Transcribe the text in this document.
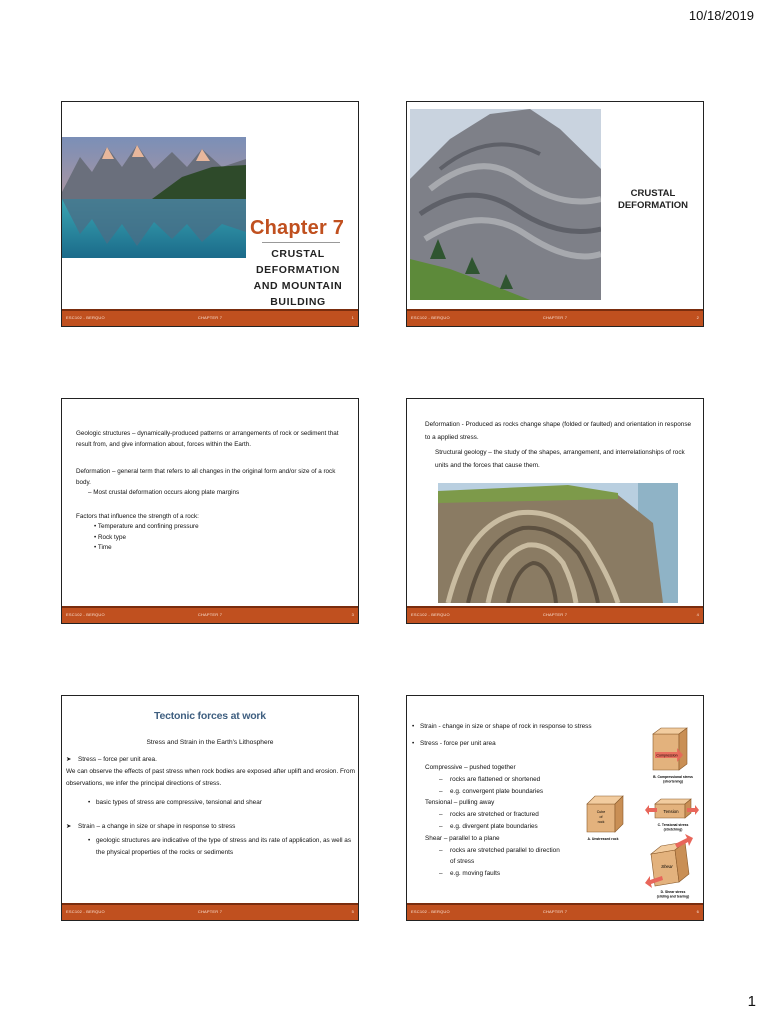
10/18/2019
Chapter 7
CRUSTAL
DEFORMATION
AND MOUNTAIN
BUILDING
ESC102 - BERQUO	CHAPTER 7	1
CRUSTAL
DEFORMATION
ESC102 - BERQUO	CHAPTER 7	2

Geologic structures – dynamically-produced patterns or arrangements of rock or sediment that result from, and give information about, forces within the Earth.

Deformation – general term that refers to all changes in the original form and/or size of a rock body.

– Most crustal deformation occurs along plate margins

Factors that influence the strength of a rock:

• Temperature and confining pressure

• Rock type

• Time

ESC102 - BERQUO	CHAPTER 7	3
Deformation - Produced as rocks change shape (folded or faulted) and orientation in response to a applied stress.
Structural geology – the study of the shapes, arrangement, and interrelationships of rock units and the forces that cause them.
ESC102 - BERQUO	CHAPTER 7	4
Tectonic forces at work
Stress and Strain in the Earth's Lithosphere
➤ Stress – force per unit area.
We can observe the effects of past stress when rock bodies are exposed after uplift and erosion. From observations, we infer the principal directions of stress.
• basic types of stress are compressive, tensional and shear
➤ Strain – a change in size or shape in response to stress
• geologic structures are indicative of the type of stress and its rate of application, as well as the physical properties of the rocks or sediments
ESC102 - BERQUO	CHAPTER 7	5
• Strain - change in size or shape of rock in response to stress
• Stress - force per unit area
Compressive – pushed together
– rocks are flattened or shortened
– e.g. convergent plate boundaries
Tensional – pulling away
– rocks are stretched or fractured
– e.g. divergent plate boundaries
Shear – parallel to a plane
– rocks are stretched parallel to direction of stress
– e.g. moving faults
Cube
of
rock
A. Unstressed rock
Compression
B. Compressional stress
(shortening)
Tension
C. Tensional stress
(stretching)
Shear
D. Shear stress
(sliding and tearing)
ESC102 - BERQUO	CHAPTER 7	6
1
